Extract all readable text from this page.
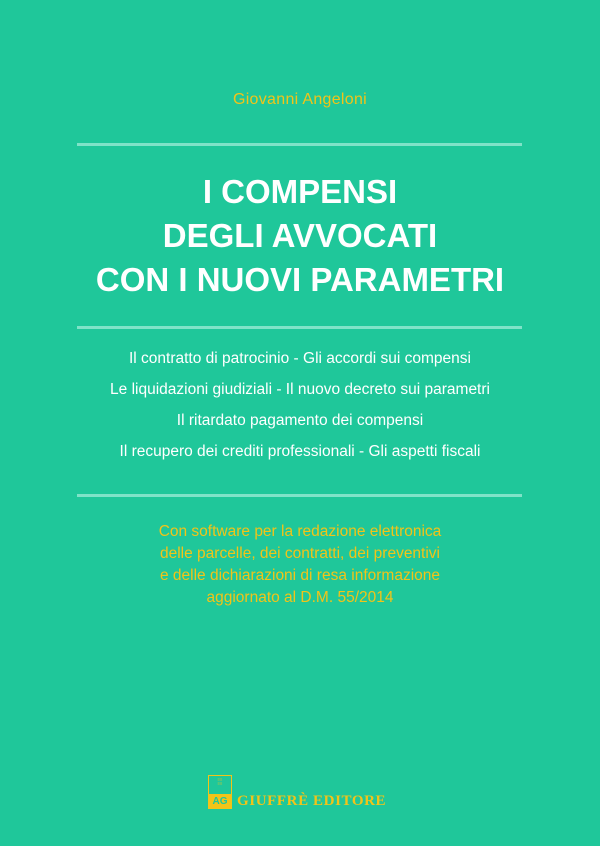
Giovanni Angeloni
I COMPENSI
DEGLI AVVOCATI
CON I NUOVI PARAMETRI
Il contratto di patrocinio - Gli accordi sui compensi
Le liquidazioni giudiziali - Il nuovo decreto sui parametri
Il ritardato pagamento dei compensi
Il recupero dei crediti professionali - Gli aspetti fiscali
Con software per la redazione elettronica
delle parcelle, dei contratti, dei preventivi
e delle dichiarazioni di resa informazione
aggiornato al D.M. 55/2014
≡≡
≡≡
AG GIUFFRÈ EDITORE
